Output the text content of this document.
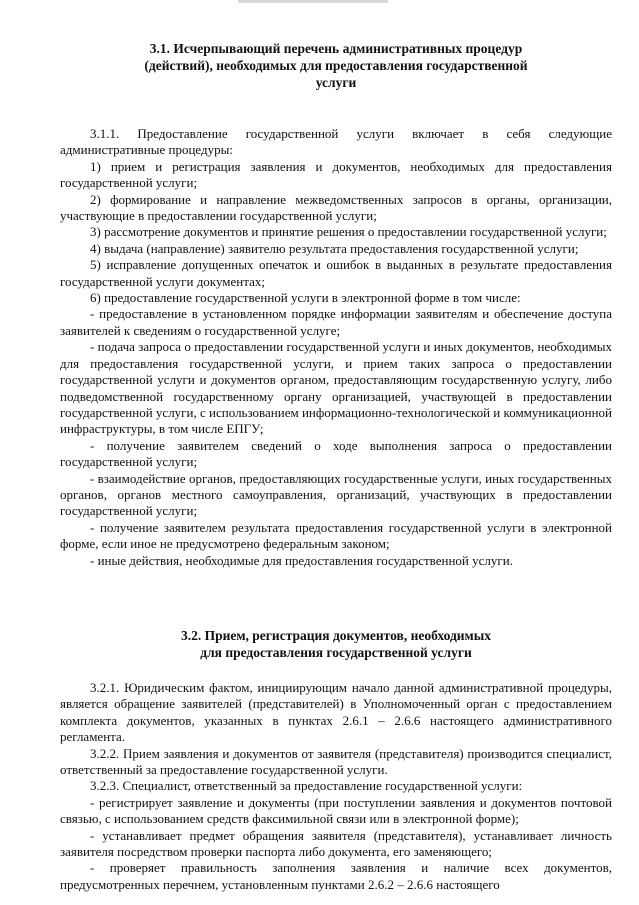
3.1. Исчерпывающий перечень административных процедур
(действий), необходимых для предоставления государственной
услуги

3.1.1. Предоставление государственной услуги включает в себя следующие административные процедуры:

1) прием и регистрация заявления и документов, необходимых для предоставления государственной услуги;

2) формирование и направление межведомственных запросов в органы, организации, участвующие в предоставлении государственной услуги;

3) рассмотрение документов и принятие решения о предоставлении государственной услуги;

4) выдача (направление) заявителю результата предоставления государственной услуги;

5) исправление допущенных опечаток и ошибок в выданных в результате предоставления государственной услуги документах;

6) предоставление государственной услуги в электронной форме в том числе:

- предоставление в установленном порядке информации заявителям и обеспечение доступа заявителей к сведениям о государственной услуге;

- подача запроса о предоставлении государственной услуги и иных документов, необходимых для предоставления государственной услуги, и прием таких запроса о предоставлении государственной услуги и документов органом, предоставляющим государственную услугу, либо подведомственной государственному органу организацией, участвующей в предоставлении государственной услуги, с использованием информационно-технологической и коммуникационной инфраструктуры, в том числе ЕПГУ;

- получение заявителем сведений о ходе выполнения запроса о предоставлении государственной услуги;

- взаимодействие органов, предоставляющих государственные услуги, иных государственных органов, органов местного самоуправления, организаций, участвующих в предоставлении государственной услуги;

- получение заявителем результата предоставления государственной услуги в электронной форме, если иное не предусмотрено федеральным законом;

- иные действия, необходимые для предоставления государственной услуги.

3.2. Прием, регистрация документов, необходимых
для предоставления государственной услуги

3.2.1. Юридическим фактом, инициирующим начало данной административной процедуры, является обращение заявителей (представителей) в Уполномоченный орган с предоставлением комплекта документов, указанных в пунктах 2.6.1 – 2.6.6 настоящего административного регламента.

3.2.2. Прием заявления и документов от заявителя (представителя) производится специалист, ответственный за предоставление государственной услуги.

3.2.3. Специалист, ответственный за предоставление государственной услуги:

- регистрирует заявление и документы (при поступлении заявления и документов почтовой связью, с использованием средств факсимильной связи или в электронной форме);

- устанавливает предмет обращения заявителя (представителя), устанавливает личность заявителя посредством проверки паспорта либо документа, его заменяющего;

- проверяет правильность заполнения заявления и наличие всех документов, предусмотренных перечнем, установленным пунктами 2.6.2 – 2.6.6 настоящего
